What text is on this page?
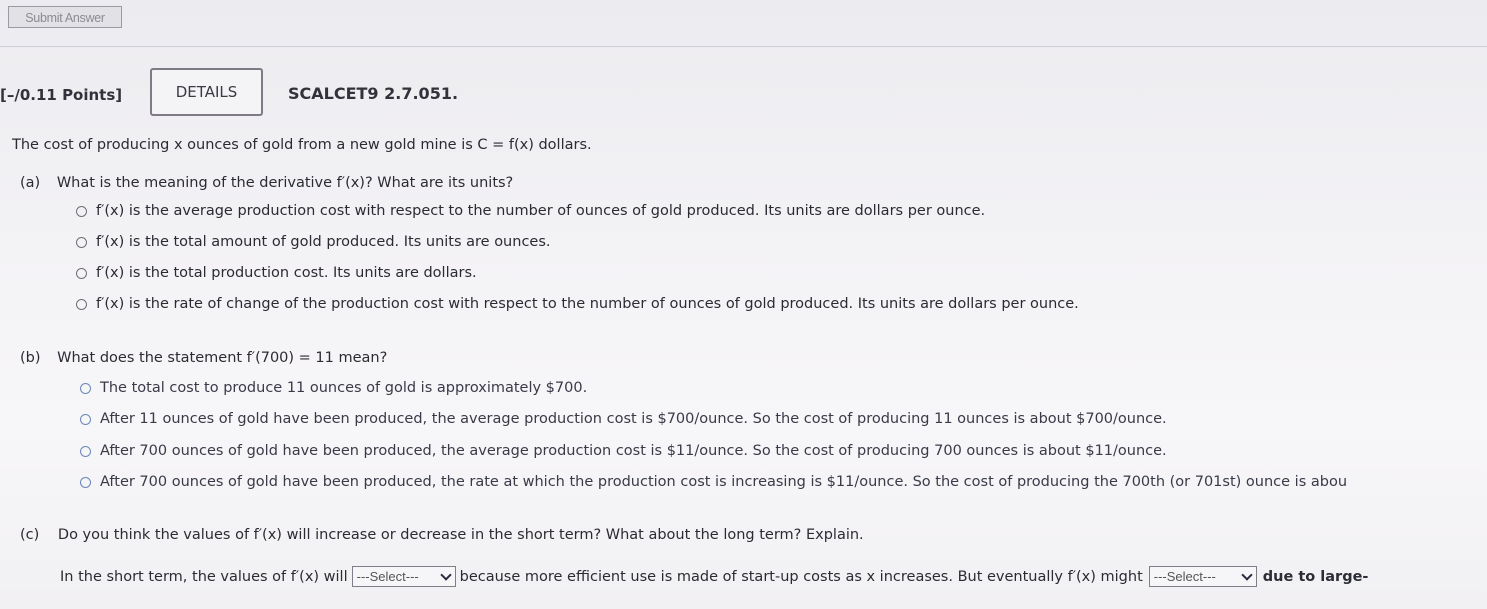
Submit Answer
[–/0.11 Points]	DETAILS	SCALCET9 2.7.051.
The cost of producing x ounces of gold from a new gold mine is C = f(x) dollars.
(a) What is the meaning of the derivative f′(x)? What are its units?
f′(x) is the average production cost with respect to the number of ounces of gold produced. Its units are dollars per ounce.
f′(x) is the total amount of gold produced. Its units are ounces.
f′(x) is the total production cost. Its units are dollars.
f′(x) is the rate of change of the production cost with respect to the number of ounces of gold produced. Its units are dollars per ounce.
(b) What does the statement f′(700) = 11 mean?
The total cost to produce 11 ounces of gold is approximately $700.
After 11 ounces of gold have been produced, the average production cost is $700/ounce. So the cost of producing 11 ounces is about $700/ounce.
After 700 ounces of gold have been produced, the average production cost is $11/ounce. So the cost of producing 700 ounces is about $11/ounce.
After 700 ounces of gold have been produced, the rate at which the production cost is increasing is $11/ounce. So the cost of producing the 700th (or 701st) ounce is abou
(c) Do you think the values of f′(x) will increase or decrease in the short term? What about the long term? Explain.
In the short term, the values of f′(x) will ---Select---	because more efficient use is made of start-up costs as x increases. But eventually f′(x) might ---Select---	due to large-
